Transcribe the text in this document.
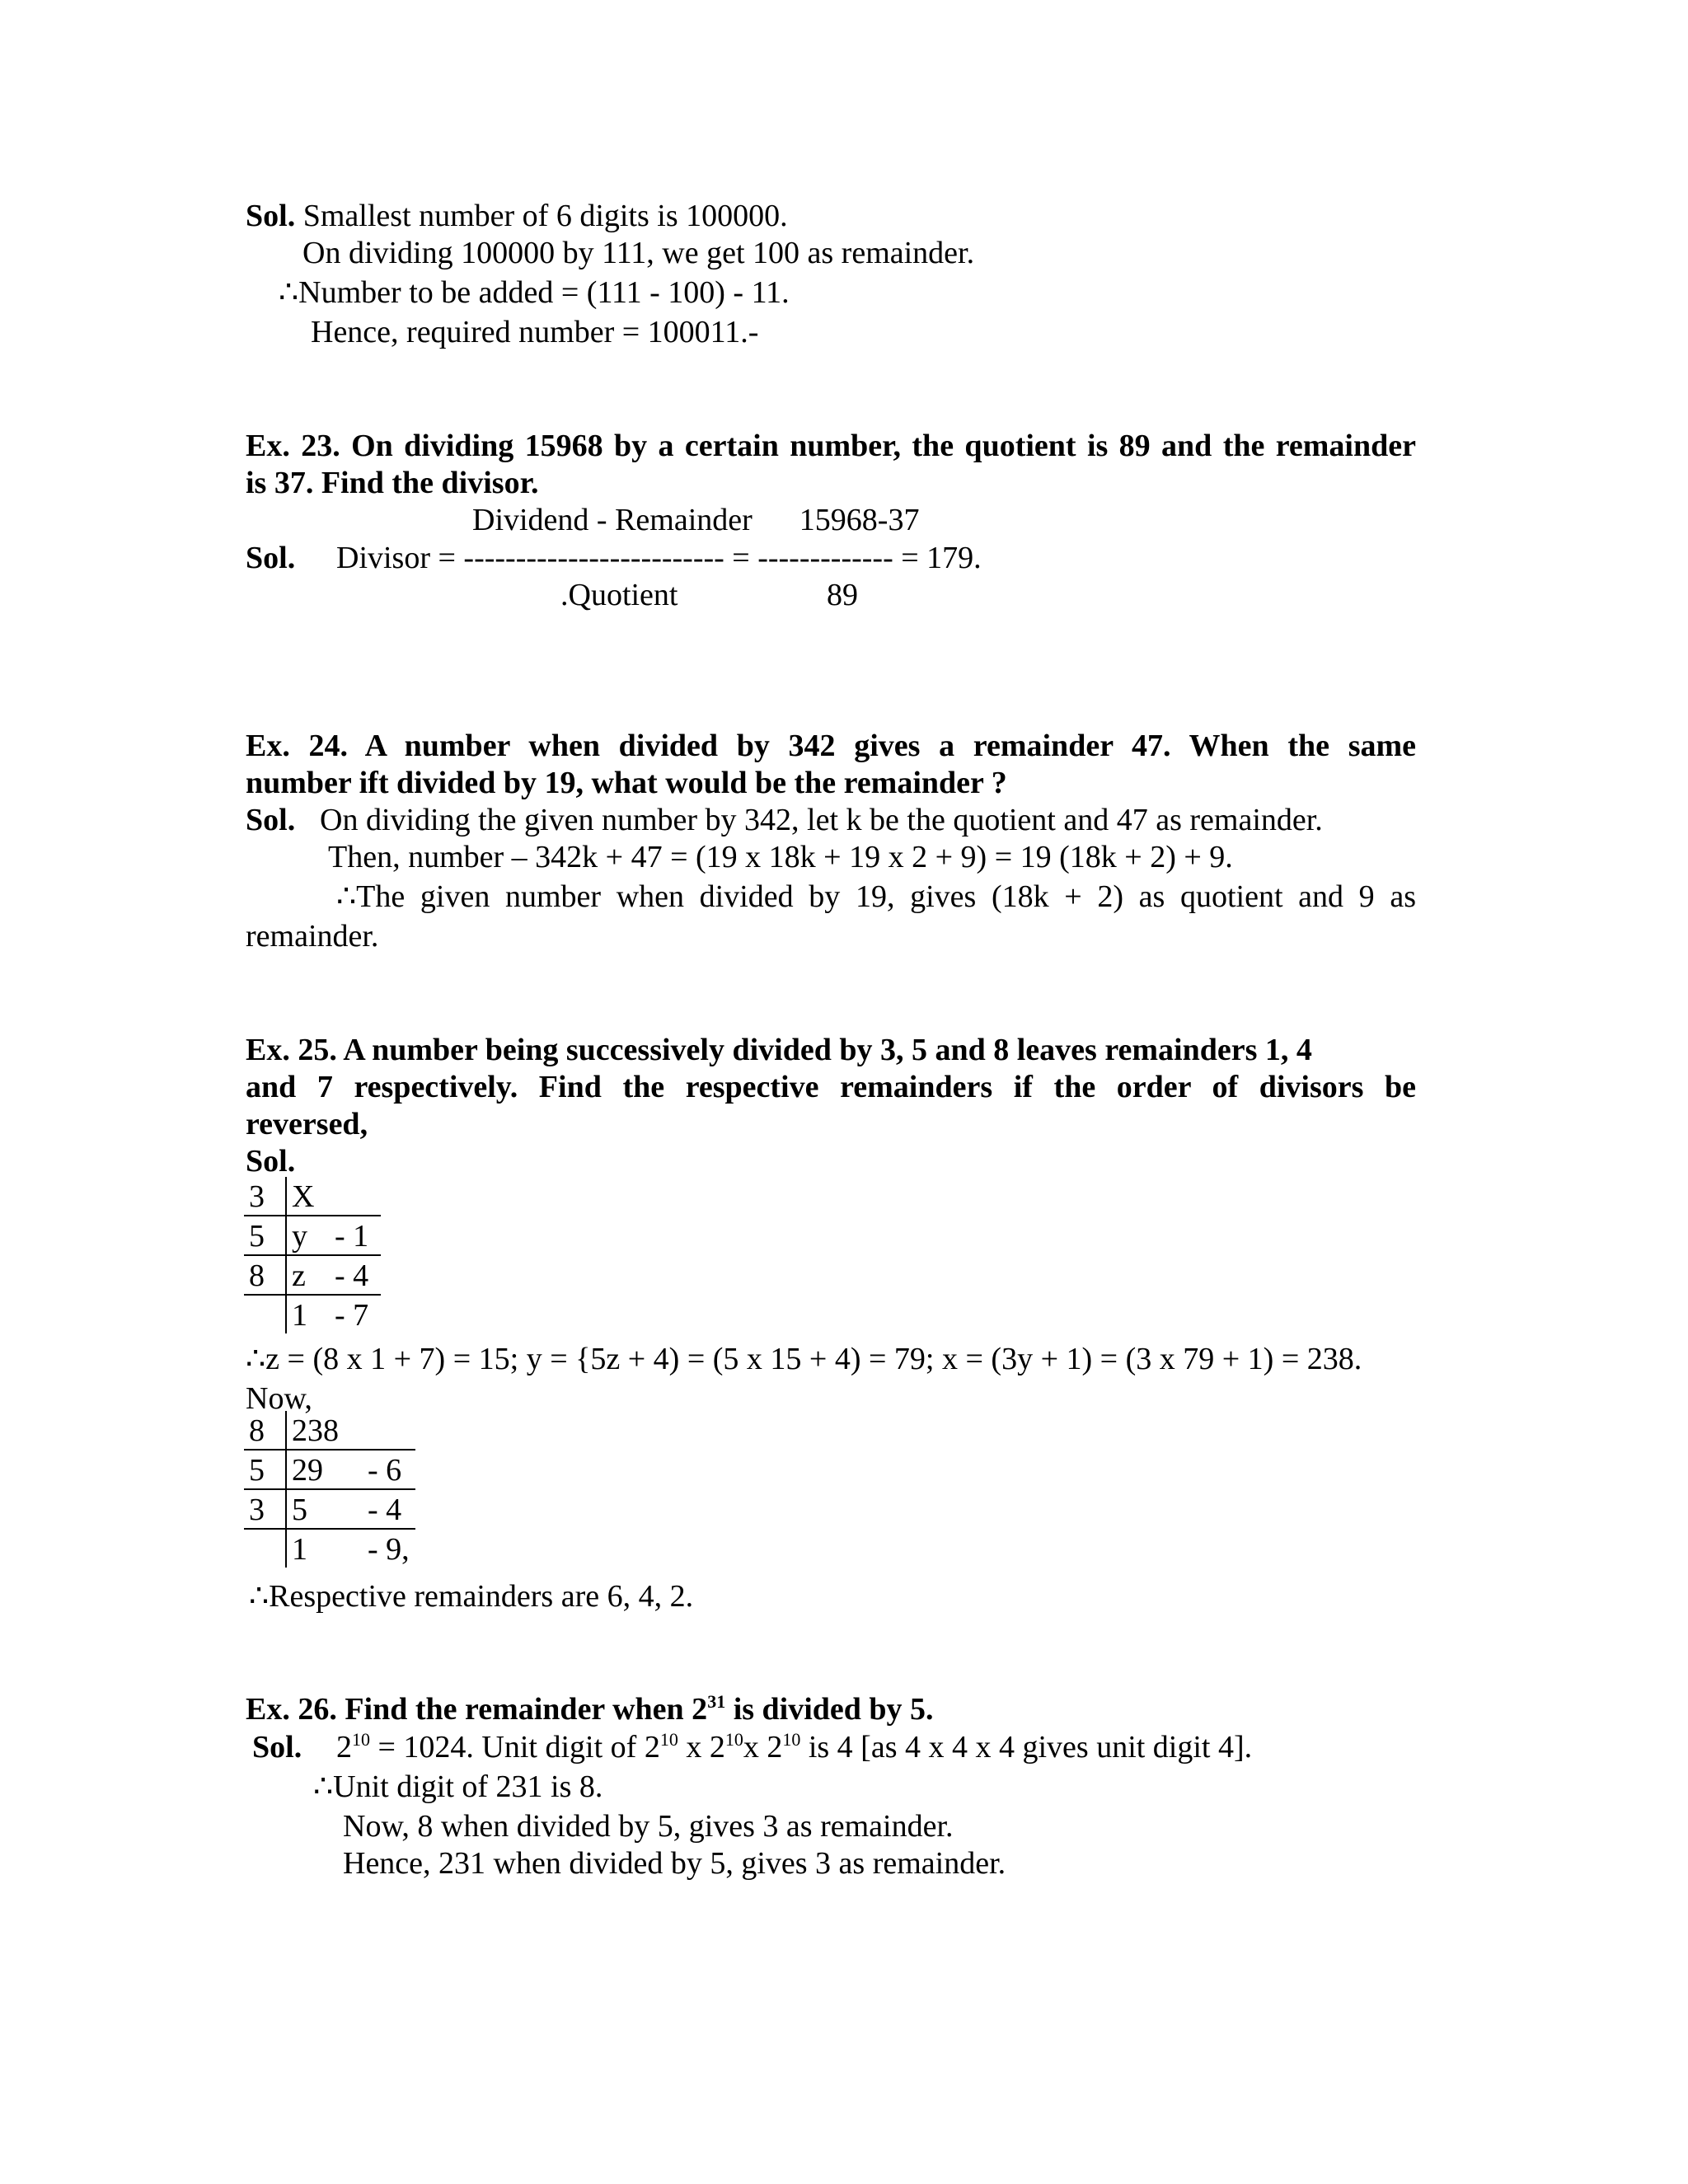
Sol. Smallest number of 6 digits is 100000.
On dividing 100000 by 111, we get 100 as remainder.
∴Number to be added = (111 - 100) - 11.
Hence, required number = 100011.-
Ex. 23. On dividing 15968 by a certain number, the quotient is 89 and the remainder
is 37. Find the divisor.
Dividend - Remainder      15968-37
Sol. Divisor = ------------------------- = ------------- = 179.
.Quotient                   89
Ex. 24. A number when divided by 342 gives a remainder 47. When the same
number ift divided by 19, what would be the remainder ?
Sol. On dividing the given number by 342, let k be the quotient and 47 as remainder.
Then, number – 342k + 47 = (19 x 18k + 19 x 2 + 9) = 19 (18k + 2) + 9.
∴The given number when divided by 19, gives (18k + 2) as quotient and 9 as
remainder.
Ex. 25. A number being successively divided by 3, 5 and 8 leaves remainders 1, 4
and 7 respectively. Find the respective remainders if the order of divisors be
reversed,
Sol.
3	X	
5	y	- 1
8	z	- 4
	1	- 7
∴z = (8 x 1 + 7) = 15; y = {5z + 4) = (5 x 15 + 4) = 79; x = (3y + 1) = (3 x 79 + 1) = 238.
Now,
8	238	
5	29	- 6
3	5	- 4
	1	- 9,
∴Respective remainders are 6, 4, 2.
Ex. 26. Find the remainder when $2^{31}$ is divided by 5.
Sol. $2^{10} = 1024$. Unit digit of $2^{10}$ x $2^{10}x$ $2^{10}$ is 4 [as 4 x 4 x 4 gives unit digit 4].
∴Unit digit of 231 is 8.
Now, 8 when divided by 5, gives 3 as remainder.
Hence, 231 when divided by 5, gives 3 as remainder.
